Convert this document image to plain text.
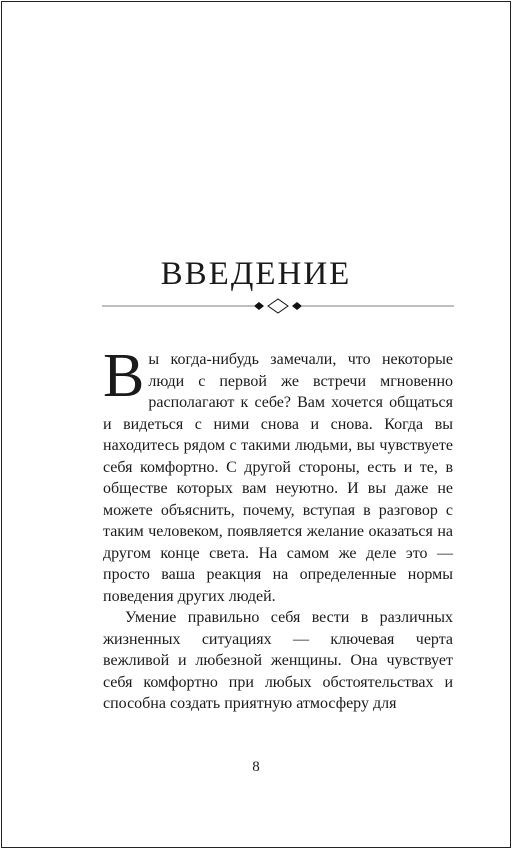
ВВЕДЕНИЕ

Вы когда-нибудь замечали, что некоторые люди с первой же встречи мгновенно располагают к себе? Вам хочется общаться и видеться с ними снова и снова. Когда вы находитесь рядом с такими людьми, вы чувствуете себя комфортно. С другой стороны, есть и те, в обществе которых вам неуютно. И вы даже не можете объяснить, почему, вступая в разговор с таким человеком, появляется желание оказаться на другом конце света. На самом же деле это — просто ваша реакция на определенные нормы поведения других людей.

Умение правильно себя вести в различных жизненных ситуациях — ключевая черта вежливой и любезной женщины. Она чувствует себя комфортно при любых обстоятельствах и способна создать приятную атмосферу для

8
